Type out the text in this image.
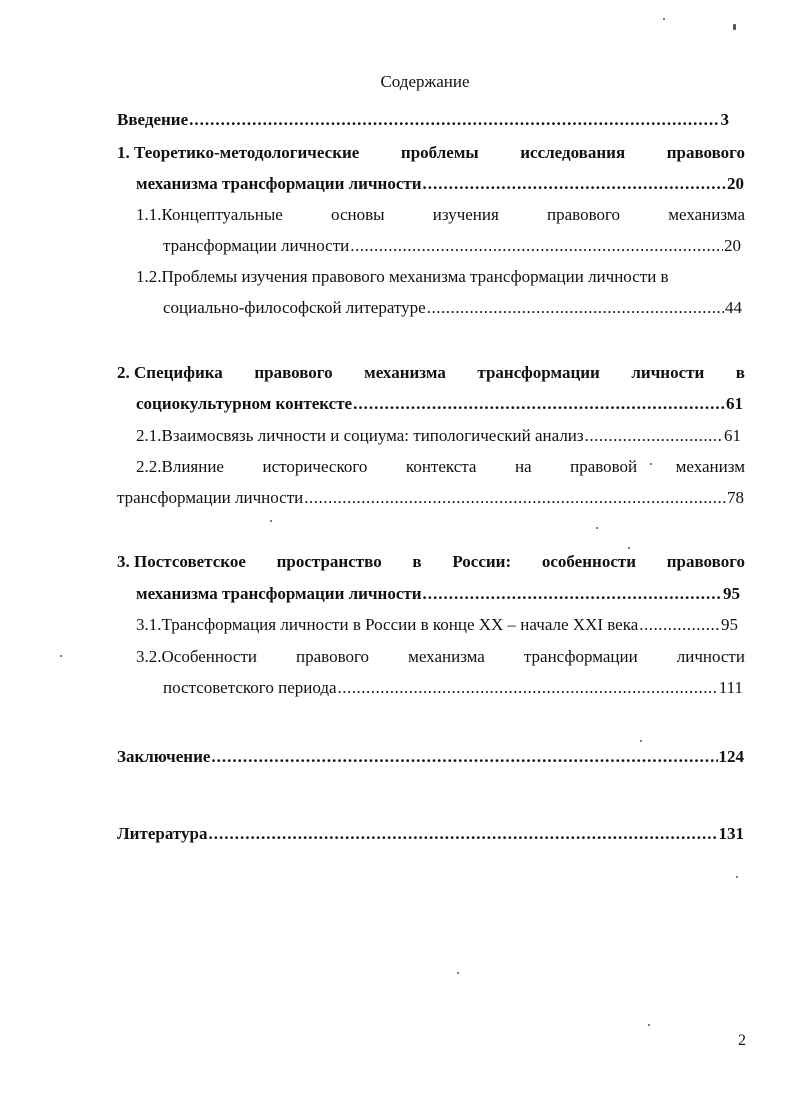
Содержание
Введение .....	3
1. Теоретико-методологические проблемы исследования правового
механизма трансформации личности .....	20
1.1.Концептуальные	основы	изучения	правового	механизма
трансформации личности .....	20
1.2.Проблемы изучения правового механизма трансформации личности в
социально-философской литературе .....	44
2. Специфика правового механизма трансформации личности в
социокультурном контексте .....	61
2.1.Взаимосвязь личности и социума: типологический анализ .....	61
2.2.Влияние исторического контекста на правовой механизм
трансформации личности .....	78
3. Постсоветское пространство в России: особенности правового
механизма трансформации личности .....	95
3.1.Трансформация личности в России в конце XX – начале XXI века .....	95
3.2.Особенности правового механизма трансформации личности
постсоветского периода .....	111
Заключение .....	124
Литература .....	131
2
